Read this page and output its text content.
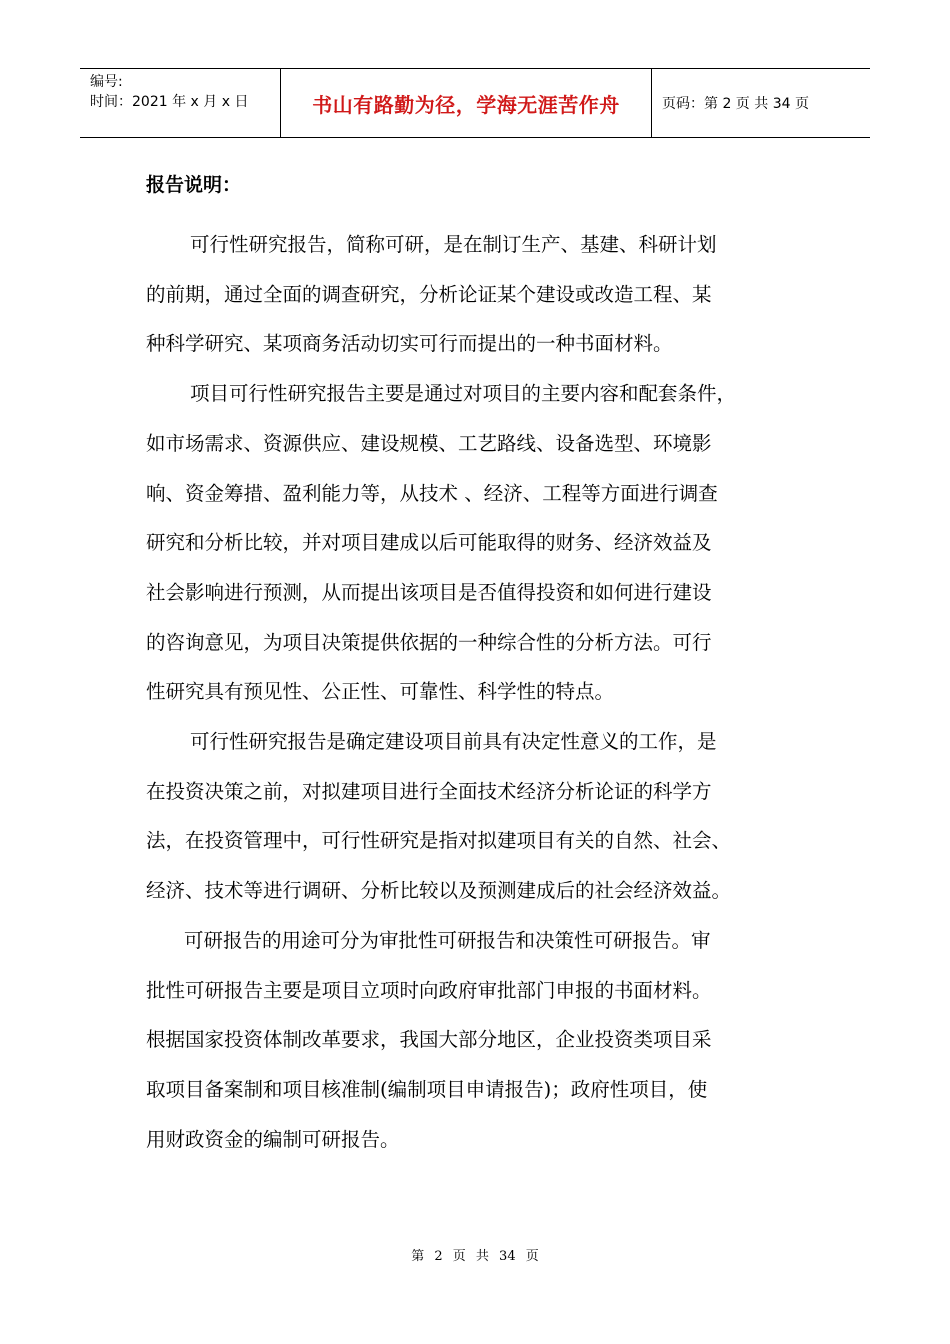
编号:
时间：2021 年 x 月 x 日	书山有路勤为径，学海无涯苦作舟	页码：第 2 页 共 34 页
报告说明：

可行性研究报告，简称可研，是在制订生产、基建、科研计划
的前期，通过全面的调查研究，分析论证某个建设或改造工程、某
种科学研究、某项商务活动切实可行而提出的一种书面材料。

项目可行性研究报告主要是通过对项目的主要内容和配套条件，
如市场需求、资源供应、建设规模、工艺路线、设备选型、环境影
响、资金筹措、盈利能力等，从技术 、经济、工程等方面进行调查
研究和分析比较，并对项目建成以后可能取得的财务、经济效益及
社会影响进行预测，从而提出该项目是否值得投资和如何进行建设
的咨询意见，为项目决策提供依据的一种综合性的分析方法。可行
性研究具有预见性、公正性、可靠性、科学性的特点。

可行性研究报告是确定建设项目前具有决定性意义的工作，是
在投资决策之前，对拟建项目进行全面技术经济分析论证的科学方
法，在投资管理中，可行性研究是指对拟建项目有关的自然、社会、
经济、技术等进行调研、分析比较以及预测建成后的社会经济效益。

可研报告的用途可分为审批性可研报告和决策性可研报告。审
批性可研报告主要是项目立项时向政府审批部门申报的书面材料。
根据国家投资体制改革要求，我国大部分地区，企业投资类项目采
取项目备案制和项目核准制(编制项目申请报告)；政府性项目，使
用财政资金的编制可研报告。

第 2 页 共 34 页
